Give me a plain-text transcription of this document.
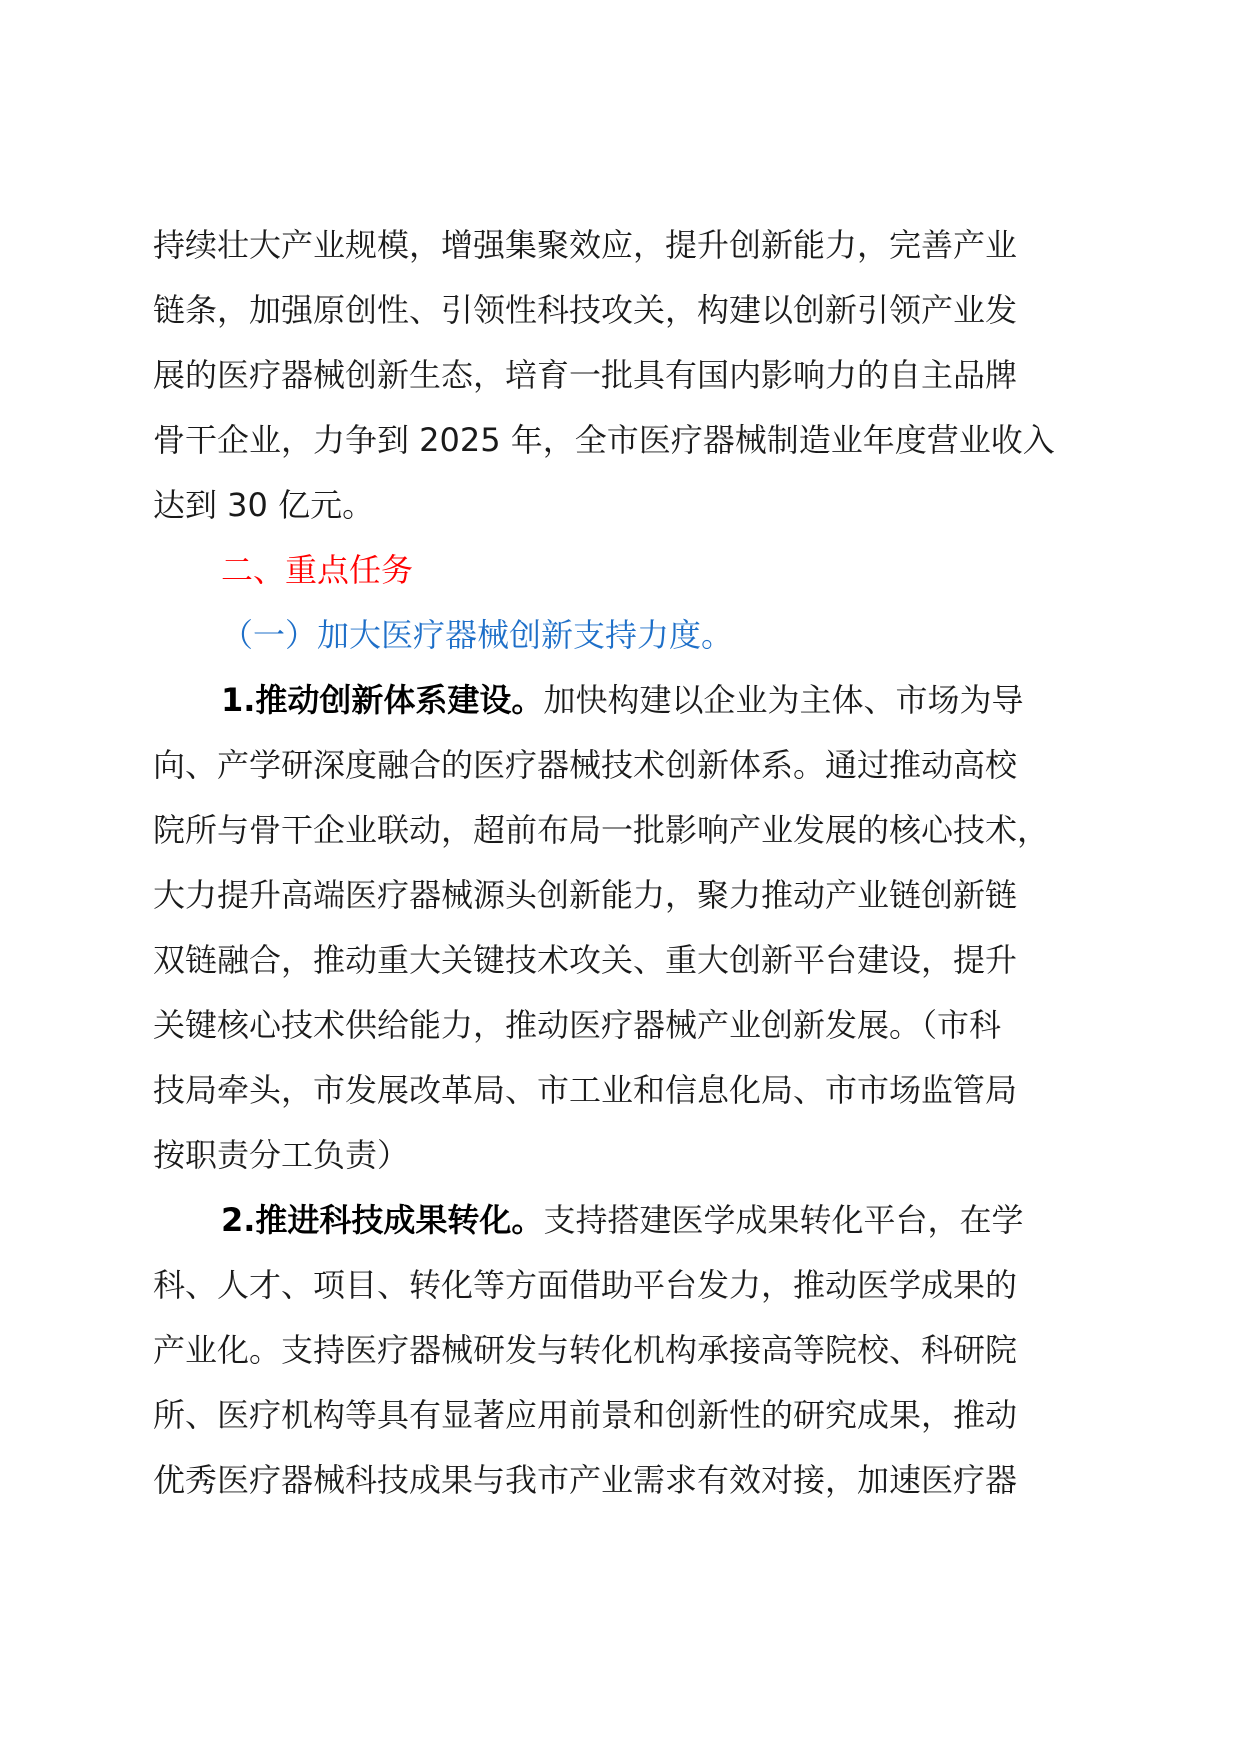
持续壮大产业规模，增强集聚效应，提升创新能力，完善产业
链条，加强原创性、引领性科技攻关，构建以创新引领产业发
展的医疗器械创新生态，培育一批具有国内影响力的自主品牌
骨干企业，力争到 2025 年，全市医疗器械制造业年度营业收入
达到 30 亿元。
二、重点任务
（一）加大医疗器械创新支持力度。
1.推动创新体系建设。加快构建以企业为主体、市场为导
向、产学研深度融合的医疗器械技术创新体系。通过推动高校
院所与骨干企业联动，超前布局一批影响产业发展的核心技术，
大力提升高端医疗器械源头创新能力，聚力推动产业链创新链
双链融合，推动重大关键技术攻关、重大创新平台建设，提升
关键核心技术供给能力，推动医疗器械产业创新发展。（市科
技局牵头，市发展改革局、市工业和信息化局、市市场监管局
按职责分工负责）
2.推进科技成果转化。支持搭建医学成果转化平台，在学
科、人才、项目、转化等方面借助平台发力，推动医学成果的
产业化。支持医疗器械研发与转化机构承接高等院校、科研院
所、医疗机构等具有显著应用前景和创新性的研究成果，推动
优秀医疗器械科技成果与我市产业需求有效对接，加速医疗器
